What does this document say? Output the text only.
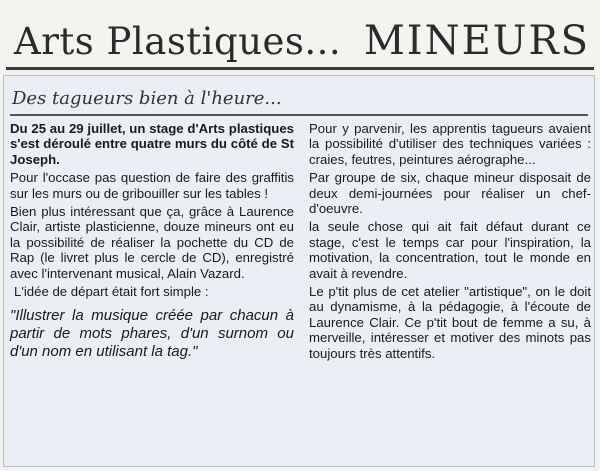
Arts Plastiques... MINEURS
Des tagueurs bien à l'heure...

Du 25 au 29 juillet, un stage d'Arts plastiques s'est déroulé entre quatre murs du côté de St Joseph.

Pour l'occase pas question de faire des graffitis sur les murs ou de gribouiller sur les tables !

Bien plus intéressant que ça, grâce à Laurence Clair, artiste plasticienne, douze mineurs ont eu la possibilité de réaliser la pochette du CD de Rap (le livret plus le cercle de CD), enregistré avec l'intervenant musical, Alain Vazard.

L'idée de départ était fort simple :

"Illustrer la musique créée par chacun à partir de mots phares, d'un surnom ou d'un nom en utilisant la tag."

Pour y parvenir, les apprentis tagueurs avaient la possibilité d'utiliser des techniques variées : craies, feutres, peintures aérographe...

Par groupe de six, chaque mineur disposait de deux demi-journées pour réaliser un chef-d'oeuvre.

la seule chose qui ait fait défaut durant ce stage, c'est le temps car pour l'inspiration, la motivation, la concentration, tout le monde en avait à revendre.

Le p'tit plus de cet atelier "artistique", on le doit au dynamisme, à la pédagogie, à l'écoute de Laurence Clair. Ce p'tit bout de femme a su, à merveille, intéresser et motiver des minots pas toujours très attentifs.
